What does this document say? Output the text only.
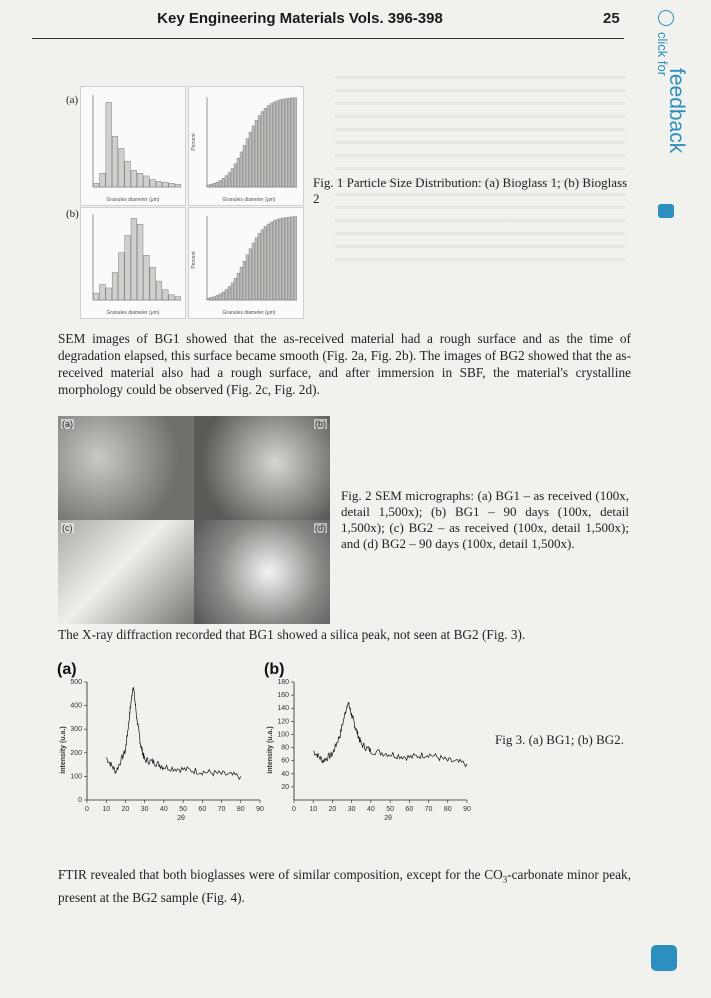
Key Engineering Materials Vols. 396-398	25
(a)
(b)
Granules diameter (μm)	Granules diameter (μm)
Percent
Granules diameter (μm)	Granules diameter (μm)
Percent
Fig. 1 Particle Size Distribution: (a) Bioglass 1; (b) Bioglass 2
SEM images of BG1 showed that the as-received material had a rough surface and as the time of degradation elapsed, this surface became smooth (Fig. 2a, Fig. 2b). The images of BG2 showed that the as-received material also had a rough surface, and after immersion in SBF, the material's crystalline morphology could be observed (Fig. 2c, Fig. 2d).
(a)	(b)
(c)	(d)
Fig. 2 SEM micrographs: (a) BG1 – as received (100x, detail 1,500x); (b) BG1 – 90 days (100x, detail 1,500x); (c) BG2 – as received (100x, detail 1,500x); and (d) BG2 – 90 days (100x, detail 1,500x).
The X-ray diffraction recorded that BG1 showed a silica peak, not seen at BG2 (Fig. 3).
(a)
intensity (u.a.)
2θ
0 10 20 30 40 50 60 70 80 90
0
100
200
300
400
500
(b)
intensity (u.a.)
2θ
0 10 20 30 40 50 60 70 80 90
20
40
60
80
100
120
140
160
180
Fig 3. (a) BG1; (b) BG2.
FTIR revealed that both bioglasses were of similar composition, except for the $CO_3$-carbonate minor peak, present at the BG2 sample (Fig. 4).
click for
feedback
